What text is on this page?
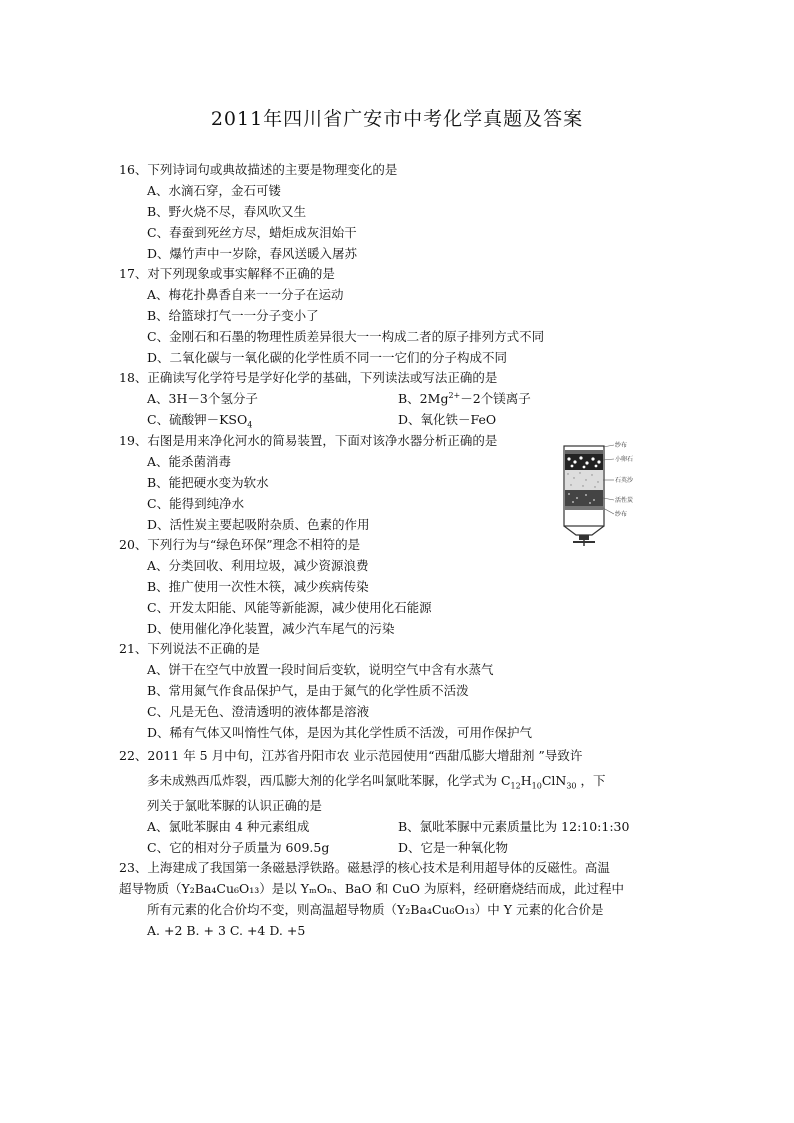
2011年四川省广安市中考化学真题及答案
16、下列诗词句或典故描述的主要是物理变化的是
A、水滴石穿，金石可镂
B、野火烧不尽，春风吹又生
C、春蚕到死丝方尽，蜡炬成灰泪始干
D、爆竹声中一岁除，春风送暖入屠苏
17、对下列现象或事实解释不正确的是
A、梅花扑鼻香自来一一分子在运动
B、给篮球打气一一分子变小了
C、金刚石和石墨的物理性质差异很大一一构成二者的原子排列方式不同
D、二氧化碳与一氧化碳的化学性质不同一一它们的分子构成不同
18、正确读写化学符号是学好化学的基础，下列读法或写法正确的是
A、3H－3个氢分子	B、$2Mg^{2+}-2$个镁离子
C、硫酸钾$-KSO_4$	D、氧化铁－FeO
19、右图是用来净化河水的简易装置，下面对该净水器分析正确的是
A、能杀菌消毒
B、能把硬水变为软水
C、能得到纯净水
D、活性炭主要起吸附杂质、色素的作用
纱布
小卵石
石英沙
活性炭
纱布
20、下列行为与“绿色环保”理念不相符的是
A、分类回收、利用垃圾，减少资源浪费
B、推广使用一次性木筷，减少疾病传染
C、开发太阳能、风能等新能源，减少使用化石能源
D、使用催化净化装置，减少汽车尾气的污染
21、下列说法不正确的是
A、饼干在空气中放置一段时间后变软，说明空气中含有水蒸气
B、常用氮气作食品保护气，是由于氮气的化学性质不活泼
C、凡是无色、澄清透明的液体都是溶液
D、稀有气体又叫惰性气体，是因为其化学性质不活泼，可用作保护气
22、2011 年 5 月中旬，江苏省丹阳市农 业示范园使用“西甜瓜膨大增甜剂 ”导致许
多未成熟西瓜炸裂，西瓜膨大剂的化学名叫氯吡苯脲，化学式为 $C_{12}H_{10}ClN_{30}$ ，下
列关于氯吡苯脲的认识正确的是
A、氯吡苯脲由 4 种元素组成	B、氯吡苯脲中元素质量比为 12:10:1:30
C、它的相对分子质量为 609.5g	D、它是一种氧化物
23、上海建成了我国第一条磁悬浮铁路。磁悬浮的核心技术是利用超导体的反磁性。高温
超导物质（Y₂Ba₄Cu₆O₁₃）是以 YₘOₙ、BaO 和 CuO 为原料，经研磨烧结而成，此过程中
所有元素的化合价均不变，则高温超导物质（Y₂Ba₄Cu₆O₁₃）中 Y 元素的化合价是
A. +2 B. + 3 C. +4 D. +5
